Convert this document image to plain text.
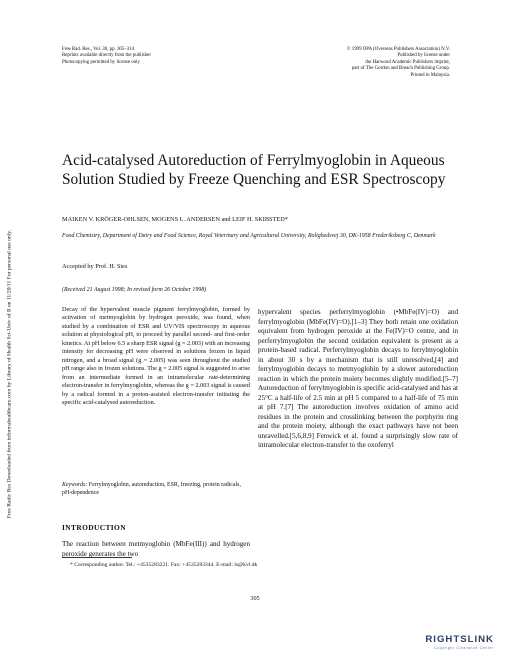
Free Radic Res Downloaded from informahealthcare.com by Library of Health Sci-Univ of Il on 11/20/11 For personal use only.
Free Rad. Res., Vol. 30, pp. 305–314
Reprints available directly from the publisher
Photocopying permitted by license only
© 1999 OPA (Overseas Publishers Association) N.V.
Published by license under
the Harwood Academic Publishers imprint,
part of The Gordon and Breach Publishing Group.
Printed in Malaysia.
Acid-catalysed Autoreduction of Ferrylmyoglobin in Aqueous Solution Studied by Freeze Quenching and ESR Spectroscopy
MAIKEN V. KRÖGER-OHLSEN, MOGENS L. ANDERSEN and LEIF H. SKIBSTED*
Food Chemistry, Department of Dairy and Food Science, Royal Veterinary and Agricultural University, Rolighedsvej 30, DK-1958 Frederiksberg C, Denmark
Accepted by Prof. H. Sies
(Received 21 August 1998; In revised form 26 October 1998)

Decay of the hypervalent muscle pigment ferrylmyoglobin, formed by activation of metmyoglobin by hydrogen peroxide, was found, when studied by a combination of ESR and UV/VIS spectroscopy in aqueous solution at physiological pH, to proceed by parallel second- and first-order kinetics. At pH below 6.5 a sharp ESR signal (g = 2.003) with an increasing intensity for decreasing pH were observed in solutions frozen in liquid nitrogen, and a broad signal (g = 2.005) was seen throughout the studied pH range also in frozen solutions. The g = 2.005 signal is suggested to arise from an intermediate formed in an intramolecular rate-determining electron-transfer in ferrylmyoglobin, whereas the g = 2.003 signal is caused by a radical formed in a proton-assisted electron-transfer initiating the specific acid-catalysed autoreduction.

Keywords: Ferrylmyoglobin, autoreduction, ESR, freezing, protein radicals, pH-dependence
INTRODUCTION
The reaction between metmyoglobin (MbFe(III)) and hydrogen peroxide generates the two
hypervalent species perferrylmyoglobin (•MbFe(IV)=O) and ferrylmyoglobin (MbFe(IV)=O).[1–3] They both retain one oxidation equivalent from hydrogen peroxide at the Fe(IV)=O centre, and in perferrylmyoglobin the second oxidation equivalent is present as a protein-based radical. Perferrylmyoglobin decays to ferrylmyoglobin in about 30 s by a mechanism that is still unresolved,[4] and ferrylmyoglobin decays to metmyoglobin by a slower autoreduction reaction in which the protein moiety becomes slightly modified.[5–7] Autoreduction of ferrylmyoglobin is specific acid-catalysed and has at 25°C a half-life of 2.5 min at pH 5 compared to a half-life of 75 min at pH 7.[7] The autoreduction involves oxidation of amino acid residues in the protein and crosslinking between the porphyrin ring and the protein moiety, although the exact pathways have not been unravelled.[5,6,8,9] Fenwick et al. found a surprisingly slow rate of intramolecular electron-transfer to the oxoferryl
* Corresponding author. Tel.: +4535283221. Fax: +4535283344. E-mail: ls@kvl.dk
305
RIGHTSLINK
Copyright Clearance Center
